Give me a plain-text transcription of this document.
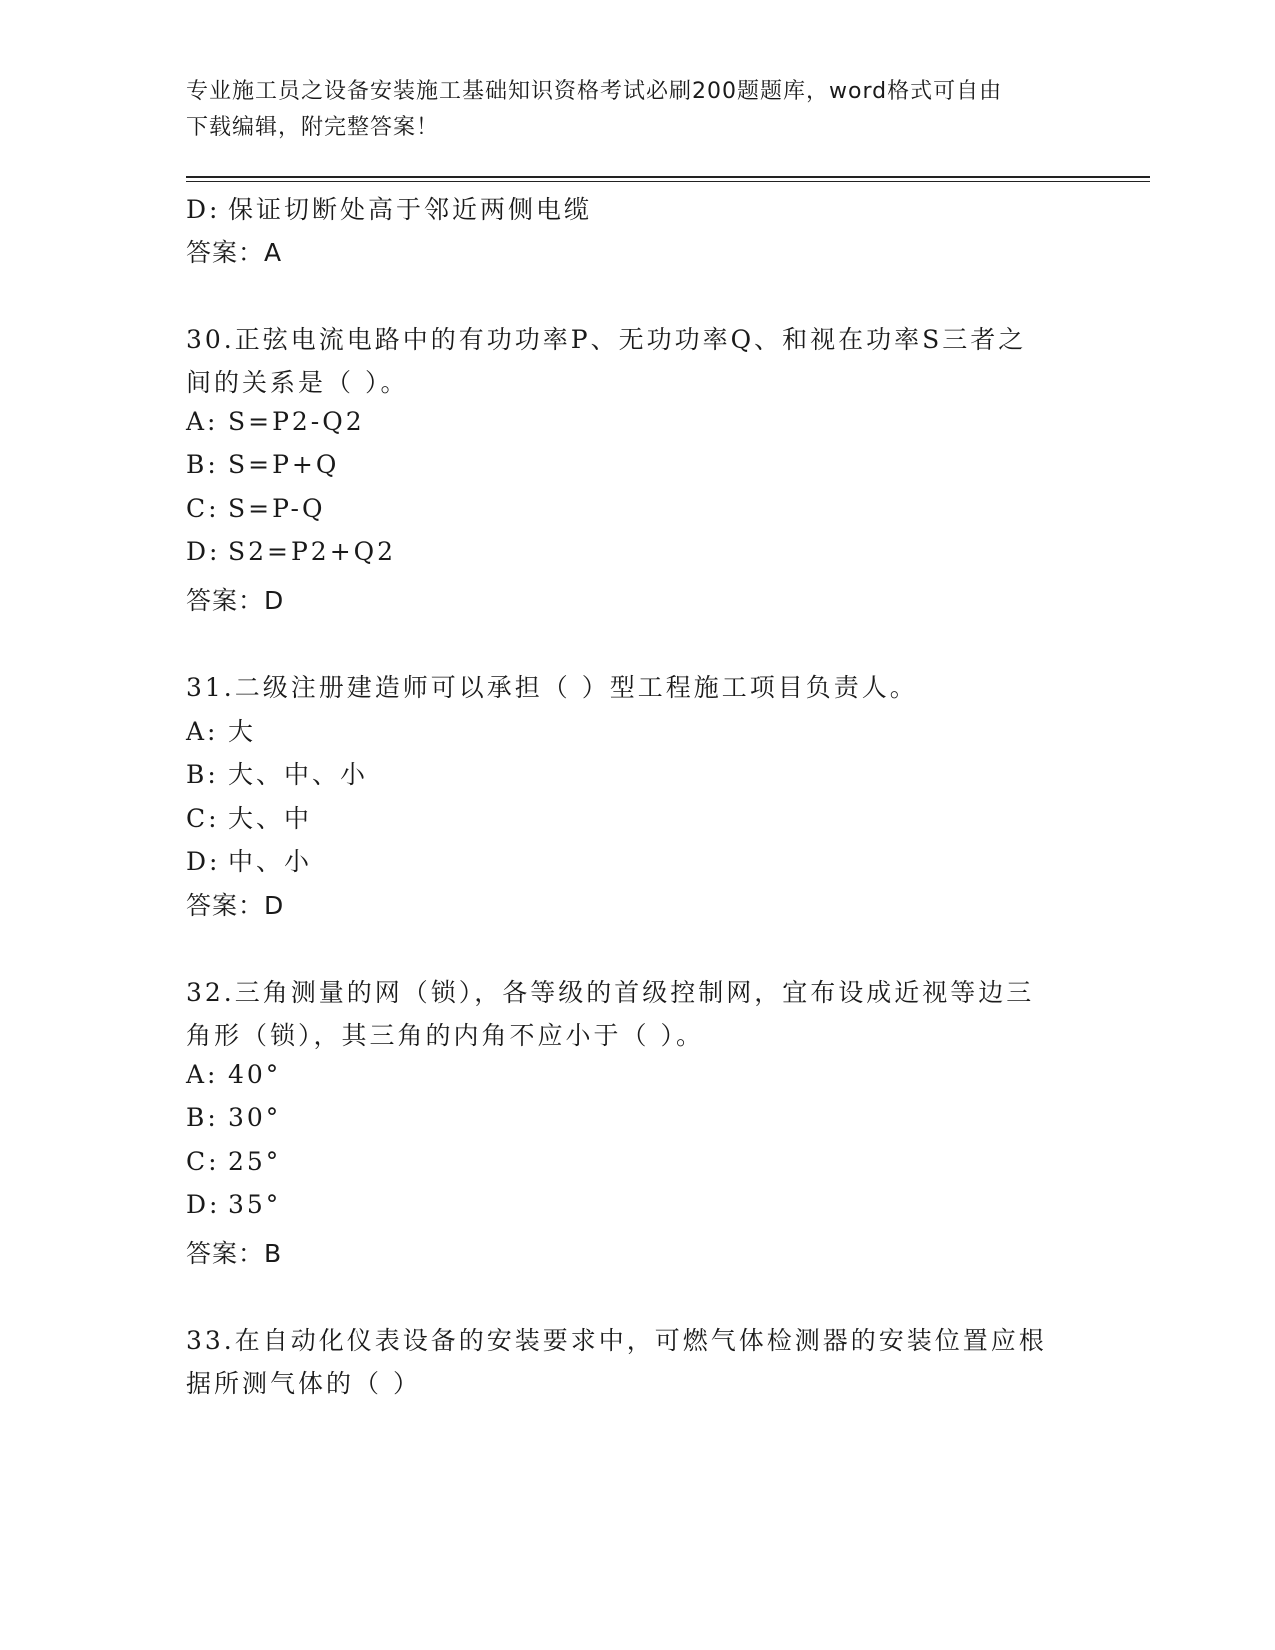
专业施工员之设备安装施工基础知识资格考试必刷200题题库，word格式可自由
下载编辑，附完整答案！
D: 保证切断处高于邻近两侧电缆
答案：A
30.正弦电流电路中的有功功率P、无功功率Q、和视在功率S三者之
间的关系是（ ）。
A: S=P2-Q2
B: S=P+Q
C: S=P-Q
D: S2=P2+Q2
答案：D
31.二级注册建造师可以承担（ ）型工程施工项目负责人。
A: 大
B: 大、中、小
C: 大、中
D: 中、小
答案：D
32.三角测量的网（锁），各等级的首级控制网，宜布设成近视等边三
角形（锁），其三角的内角不应小于（ ）。
A: 40°
B: 30°
C: 25°
D: 35°
答案：B
33.在自动化仪表设备的安装要求中，可燃气体检测器的安装位置应根
据所测气体的（ ）
